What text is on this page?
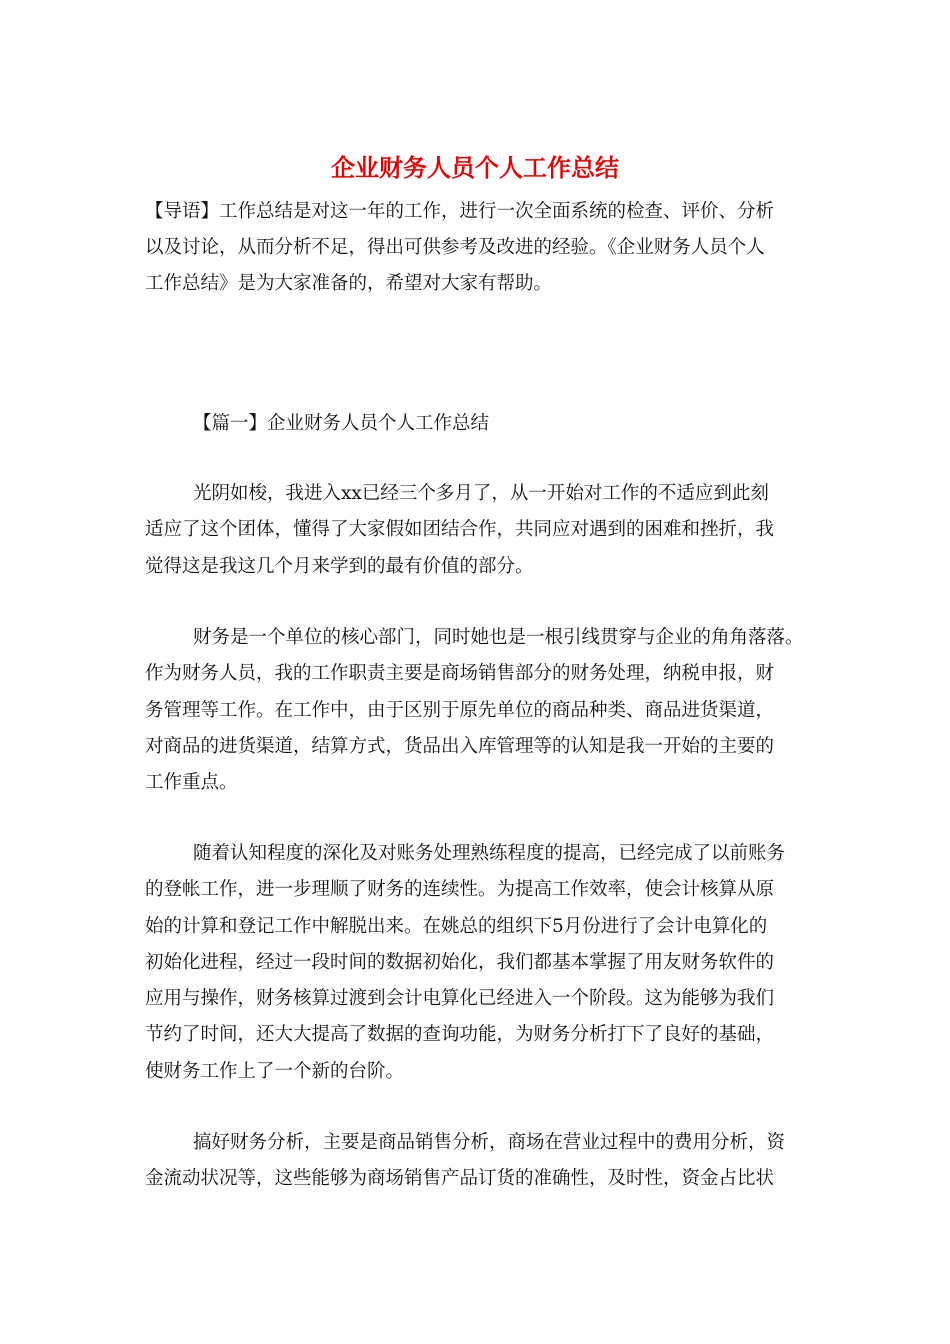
企业财务人员个人工作总结

【导语】工作总结是对这一年的工作，进行一次全面系统的检查、评价、分析

以及讨论，从而分析不足，得出可供参考及改进的经验。《企业财务人员个人

工作总结》是为大家准备的，希望对大家有帮助。

【篇一】企业财务人员个人工作总结

光阴如梭，我进入xx已经三个多月了，从一开始对工作的不适应到此刻

适应了这个团体，懂得了大家假如团结合作，共同应对遇到的困难和挫折，我

觉得这是我这几个月来学到的最有价值的部分。

财务是一个单位的核心部门，同时她也是一根引线贯穿与企业的角角落落。

作为财务人员，我的工作职责主要是商场销售部分的财务处理，纳税申报，财

务管理等工作。在工作中，由于区别于原先单位的商品种类、商品进货渠道，

对商品的进货渠道，结算方式，货品出入库管理等的认知是我一开始的主要的

工作重点。

随着认知程度的深化及对账务处理熟练程度的提高，已经完成了以前账务

的登帐工作，进一步理顺了财务的连续性。为提高工作效率，使会计核算从原

始的计算和登记工作中解脱出来。在姚总的组织下5月份进行了会计电算化的

初始化进程，经过一段时间的数据初始化，我们都基本掌握了用友财务软件的

应用与操作，财务核算过渡到会计电算化已经进入一个阶段。这为能够为我们

节约了时间，还大大提高了数据的查询功能，为财务分析打下了良好的基础，

使财务工作上了一个新的台阶。

搞好财务分析，主要是商品销售分析，商场在营业过程中的费用分析，资

金流动状况等，这些能够为商场销售产品订货的准确性，及时性，资金占比状
